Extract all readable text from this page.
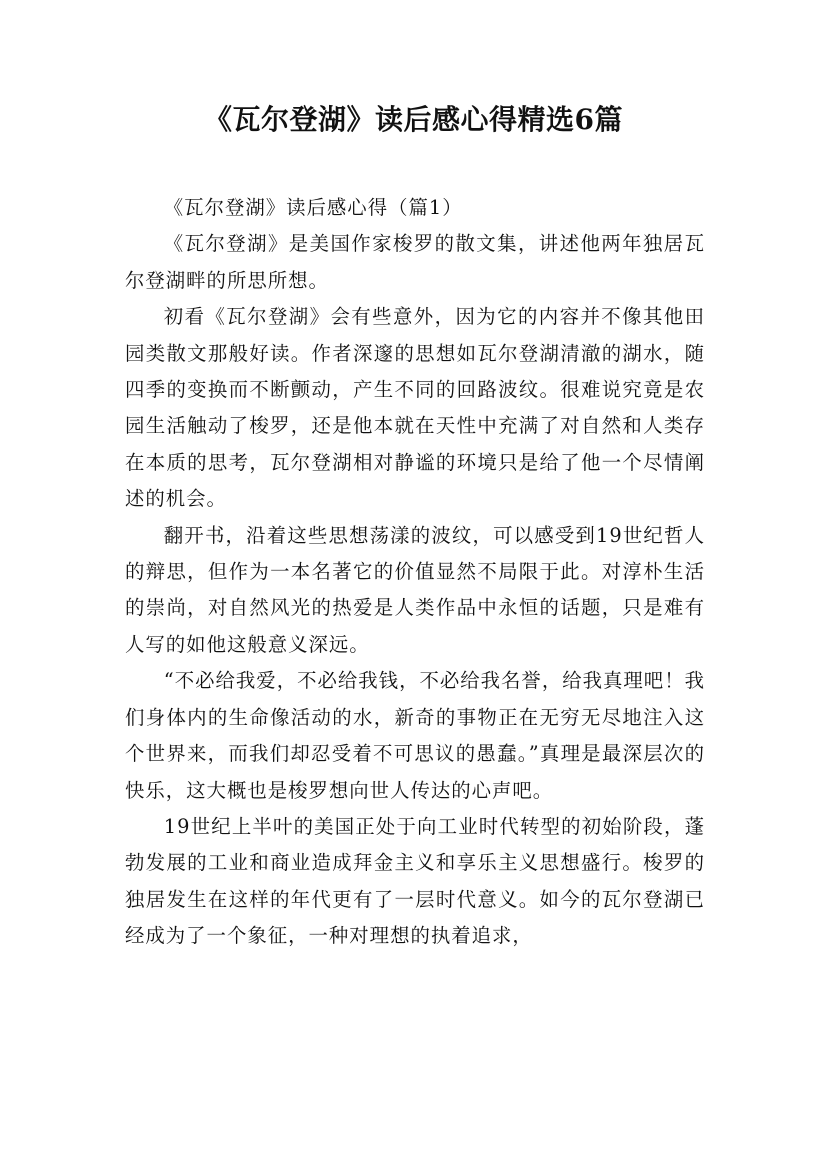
《瓦尔登湖》读后感心得精选6篇

《瓦尔登湖》读后感心得（篇1）

《瓦尔登湖》是美国作家梭罗的散文集，讲述他两年独居瓦尔登湖畔的所思所想。

初看《瓦尔登湖》会有些意外，因为它的内容并不像其他田园类散文那般好读。作者深邃的思想如瓦尔登湖清澈的湖水，随四季的变换而不断颤动，产生不同的回路波纹。很难说究竟是农园生活触动了梭罗，还是他本就在天性中充满了对自然和人类存在本质的思考，瓦尔登湖相对静谧的环境只是给了他一个尽情阐述的机会。

翻开书，沿着这些思想荡漾的波纹，可以感受到19世纪哲人的辩思，但作为一本名著它的价值显然不局限于此。对淳朴生活的崇尚，对自然风光的热爱是人类作品中永恒的话题，只是难有人写的如他这般意义深远。

“不必给我爱，不必给我钱，不必给我名誉，给我真理吧！我们身体内的生命像活动的水，新奇的事物正在无穷无尽地注入这个世界来，而我们却忍受着不可思议的愚蠢。”真理是最深层次的快乐，这大概也是梭罗想向世人传达的心声吧。

19世纪上半叶的美国正处于向工业时代转型的初始阶段，蓬勃发展的工业和商业造成拜金主义和享乐主义思想盛行。梭罗的独居发生在这样的年代更有了一层时代意义。如今的瓦尔登湖已经成为了一个象征，一种对理想的执着追求，
